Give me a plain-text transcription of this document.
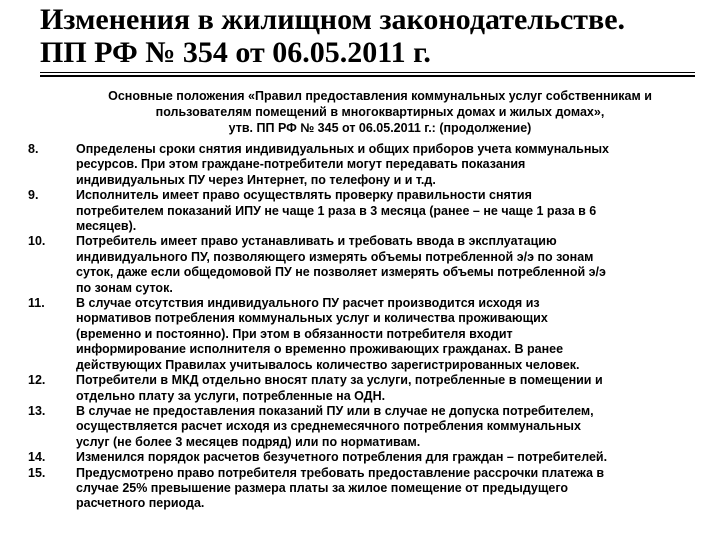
Изменения в жилищном законодательстве.
ПП РФ № 354 от 06.05.2011 г.
Основные положения «Правил предоставления коммунальных услуг собственникам и
пользователям помещений в многоквартирных домах и жилых домах»,
утв. ПП РФ № 345 от 06.05.2011 г.: (продолжение)
8.	Определены сроки снятия индивидуальных и общих приборов учета коммунальных
ресурсов. При этом граждане-потребители могут передавать показания
индивидуальных ПУ через Интернет, по телефону и и т.д.
9.	Исполнитель имеет право осуществлять проверку правильности снятия
потребителем показаний ИПУ не чаще 1 раза в 3 месяца (ранее – не чаще 1 раза в 6
месяцев).
10.	Потребитель имеет право устанавливать и требовать ввода в эксплуатацию
индивидуального ПУ, позволяющего измерять объемы потребленной э/э по зонам
суток, даже если общедомовой ПУ не позволяет измерять объемы потребленной э/э
по зонам суток.
11.	В случае отсутствия индивидуального ПУ расчет производится исходя из
нормативов потребления коммунальных услуг и количества проживающих
(временно и постоянно). При этом в обязанности потребителя входит
информирование исполнителя о временно проживающих гражданах. В ранее
действующих Правилах учитывалось количество зарегистрированных человек.
12.	Потребители в МКД отдельно вносят плату за услуги, потребленные в помещении и
отдельно плату за услуги, потребленные на ОДН.
13.	В случае не предоставления показаний ПУ или в случае не допуска потребителем,
осуществляется расчет исходя из среднемесячного потребления коммунальных
услуг (не более 3 месяцев подряд) или по нормативам.
14.	Изменился порядок расчетов безучетного потребления для граждан – потребителей.
15.	Предусмотрено право потребителя требовать предоставление рассрочки платежа в
случае 25% превышение размера платы за жилое помещение от предыдущего
расчетного периода.
